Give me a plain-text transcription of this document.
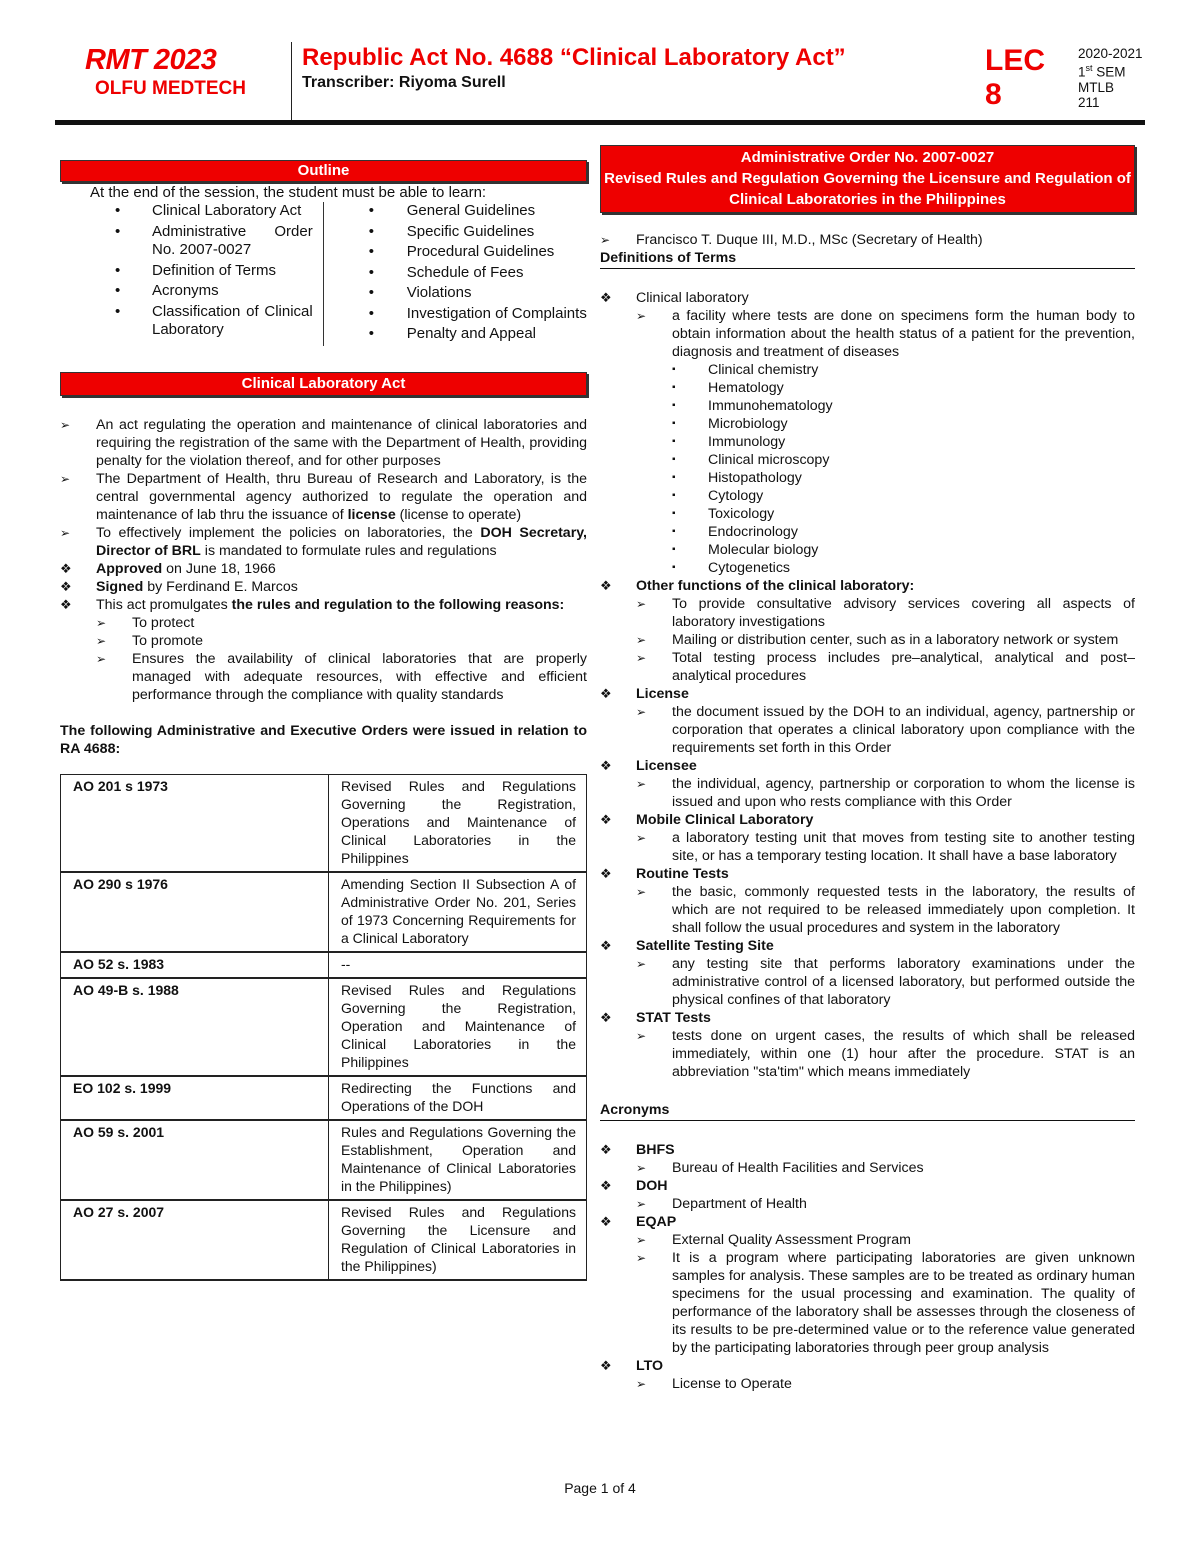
RMT 2023
OLFU MEDTECH
Republic Act No. 4688 “Clinical Laboratory Act”
Transcriber: Riyoma Surell
LEC 8
2020-2021
1st SEM
MTLB
211
Outline
At the end of the session, the student must be able to learn:
• Clinical Laboratory Act
• Administrative Order No. 2007-0027
• Definition of Terms
• Acronyms
• Classification of Clinical Laboratory
• General Guidelines
• Specific Guidelines
• Procedural Guidelines
• Schedule of Fees
• Violations
• Investigation of Complaints
• Penalty and Appeal
Clinical Laboratory Act
➢ An act regulating the operation and maintenance of clinical laboratories and requiring the registration of the same with the Department of Health, providing penalty for the violation thereof, and for other purposes
➢ The Department of Health, thru Bureau of Research and Laboratory, is the central governmental agency authorized to regulate the operation and maintenance of lab thru the issuance of license (license to operate)
➢ To effectively implement the policies on laboratories, the DOH Secretary, Director of BRL is mandated to formulate rules and regulations
❖ Approved on June 18, 1966
❖ Signed by Ferdinand E. Marcos
❖ This act promulgates the rules and regulation to the following reasons:
➢ To protect
➢ To promote
➢ Ensures the availability of clinical laboratories that are properly managed with adequate resources, with effective and efficient performance through the compliance with quality standards
The following Administrative and Executive Orders were issued in relation to RA 4688:
AO 201 s 1973	Revised Rules and Regulations Governing the Registration, Operations and Maintenance of Clinical Laboratories in the Philippines
AO 290 s 1976	Amending Section II Subsection A of Administrative Order No. 201, Series of 1973 Concerning Requirements for a Clinical Laboratory
AO 52 s. 1983	--
AO 49-B s. 1988	Revised Rules and Regulations Governing the Registration, Operation and Maintenance of Clinical Laboratories in the Philippines
EO 102 s. 1999	Redirecting the Functions and Operations of the DOH
AO 59 s. 2001	Rules and Regulations Governing the Establishment, Operation and Maintenance of Clinical Laboratories in the Philippines)
AO 27 s. 2007	Revised Rules and Regulations Governing the Licensure and Regulation of Clinical Laboratories in the Philippines)
Administrative Order No. 2007-0027
Revised Rules and Regulation Governing the Licensure and Regulation of Clinical Laboratories in the Philippines
➢ Francisco T. Duque III, M.D., MSc (Secretary of Health)
Definitions of Terms
❖ Clinical laboratory
➢ a facility where tests are done on specimens form the human body to obtain information about the health status of a patient for the prevention, diagnosis and treatment of diseases
▪ Clinical chemistry
▪ Hematology
▪ Immunohematology
▪ Microbiology
▪ Immunology
▪ Clinical microscopy
▪ Histopathology
▪ Cytology
▪ Toxicology
▪ Endocrinology
▪ Molecular biology
▪ Cytogenetics
❖ Other functions of the clinical laboratory:
➢ To provide consultative advisory services covering all aspects of laboratory investigations
➢ Mailing or distribution center, such as in a laboratory network or system
➢ Total testing process includes pre–analytical, analytical and post–analytical procedures
❖ License
➢ the document issued by the DOH to an individual, agency, partnership or corporation that operates a clinical laboratory upon compliance with the requirements set forth in this Order
❖ Licensee
➢ the individual, agency, partnership or corporation to whom the license is issued and upon who rests compliance with this Order
❖ Mobile Clinical Laboratory
➢ a laboratory testing unit that moves from testing site to another testing site, or has a temporary testing location. It shall have a base laboratory
❖ Routine Tests
➢ the basic, commonly requested tests in the laboratory, the results of which are not required to be released immediately upon completion. It shall follow the usual procedures and system in the laboratory
❖ Satellite Testing Site
➢ any testing site that performs laboratory examinations under the administrative control of a licensed laboratory, but performed outside the physical confines of that laboratory
❖ STAT Tests
➢ tests done on urgent cases, the results of which shall be released immediately, within one (1) hour after the procedure. STAT is an abbreviation "sta'tim" which means immediately
Acronyms
❖ BHFS
➢ Bureau of Health Facilities and Services
❖ DOH
➢ Department of Health
❖ EQAP
➢ External Quality Assessment Program
➢ It is a program where participating laboratories are given unknown samples for analysis. These samples are to be treated as ordinary human specimens for the usual processing and examination. The quality of performance of the laboratory shall be assesses through the closeness of its results to be pre-determined value or to the reference value generated by the participating laboratories through peer group analysis
❖ LTO
➢ License to Operate
Page 1 of 4
